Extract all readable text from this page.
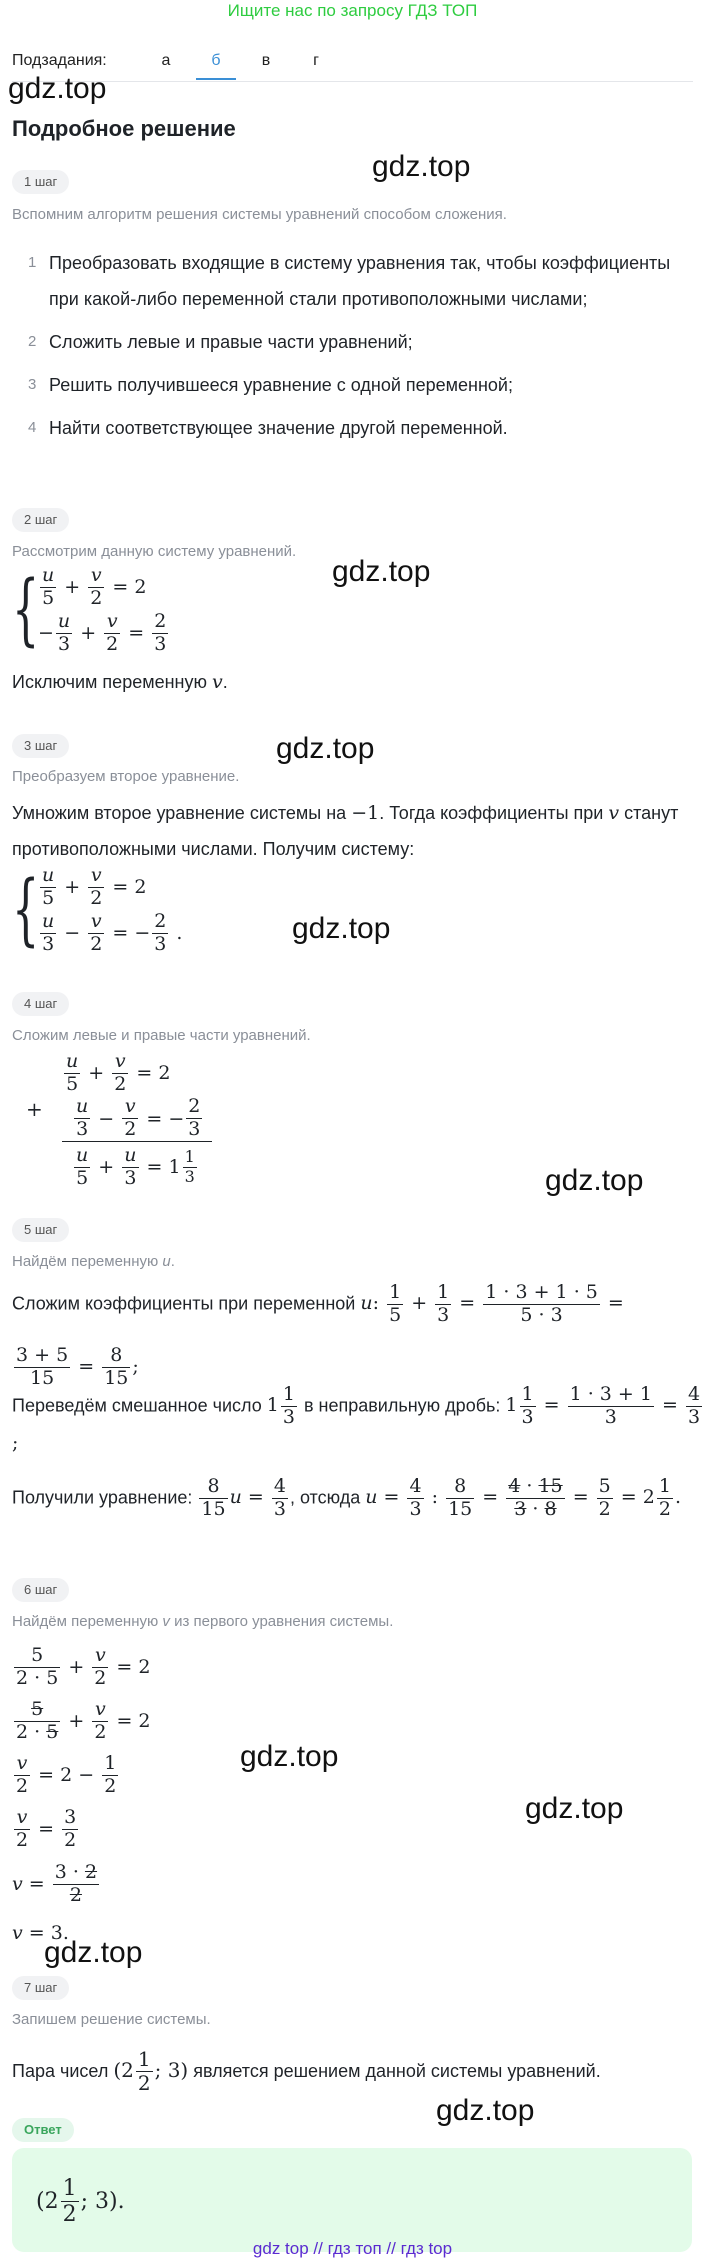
Ищите нас по запросу ГДЗ ТОП
Подзадания:	а	б	в	г
gdz.top
Подробное решение
gdz.top
1 шаг
Вспомним алгоритм решения системы уравнений способом сложения.
1 Преобразовать входящие в систему уравнения так, чтобы коэффициенты
при какой-либо переменной стали противоположными числами;
2 Сложить левые и правые части уравнений;
3 Решить получившееся уравнение с одной переменной;
4 Найти соответствующее значение другой переменной.
2 шаг
Рассмотрим данную систему уравнений.
gdz.top
{ $\frac{u}{5} + \frac{v}{2} = 2$
− $\frac{u}{3} + \frac{v}{2} = \frac{2}{3}$
Исключим переменную v.
3 шаг	gdz.top
Преобразуем второе уравнение.
Умножим второе уравнение системы на −1. Тогда коэффициенты при v станут
противоположными числами. Получим систему:
{ $\frac{u}{5} + \frac{v}{2} = 2$
$\frac{u}{3} - \frac{v}{2}$ = − $\frac{2}{3}$ .	gdz.top
4 шаг
Сложим левые и правые части уравнений.
+
$\frac{u}{5} + \frac{v}{2} = 2$
$\frac{u}{3} - \frac{v}{2}$ = − $\frac{2}{3}$
$\frac{u}{5} + \frac{u}{3} = 1 \frac{1}{3}$	gdz.top
5 шаг
Найдём переменную u.
Сложим коэффициенты при переменной u: $\frac{1}{5} + \frac{1}{3} = \frac{1 \cdot 3 + 1 \cdot 5}{5 \cdot 3}$ =
$\frac{3 + 5}{15} = \frac{8}{15}$ ;
Переведём смешанное число $1 \frac{1}{3}$ в неправильную дробь: $1 \frac{1}{3} = \frac{1 \cdot 3 + 1}{3} = \frac{4}{3}$
;
Получили уравнение: $\frac{8}{15}$ $u = \frac{4}{3}$ , отсюда $u = \frac{4}{3}$ : $\frac{8}{15} = \frac{4 \cdot 15}{3 \cdot 8} = \frac{5}{2} = 2 \frac{1}{2}$ .
6 шаг
Найдём переменную v из первого уравнения системы.
$\frac{5}{2 \cdot 5} + \frac{v}{2} = 2$
$\frac{5}{2 \cdot 5} + \frac{v}{2} = 2$
$\frac{v}{2} = 2 - \frac{1}{2}$
$\frac{v}{2} = \frac{3}{2}$
$v = \frac{3 \cdot 2}{2}$
v = 3.
gdz.top
gdz.top
gdz.top
7 шаг
Запишем решение системы.
Пара чисел ($2 \frac{1}{2}$ ; 3) является решением данной системы уравнений.
gdz.top
Ответ
($2 \frac{1}{2}$ ; 3).
gdz top // гдз топ // гдз top
